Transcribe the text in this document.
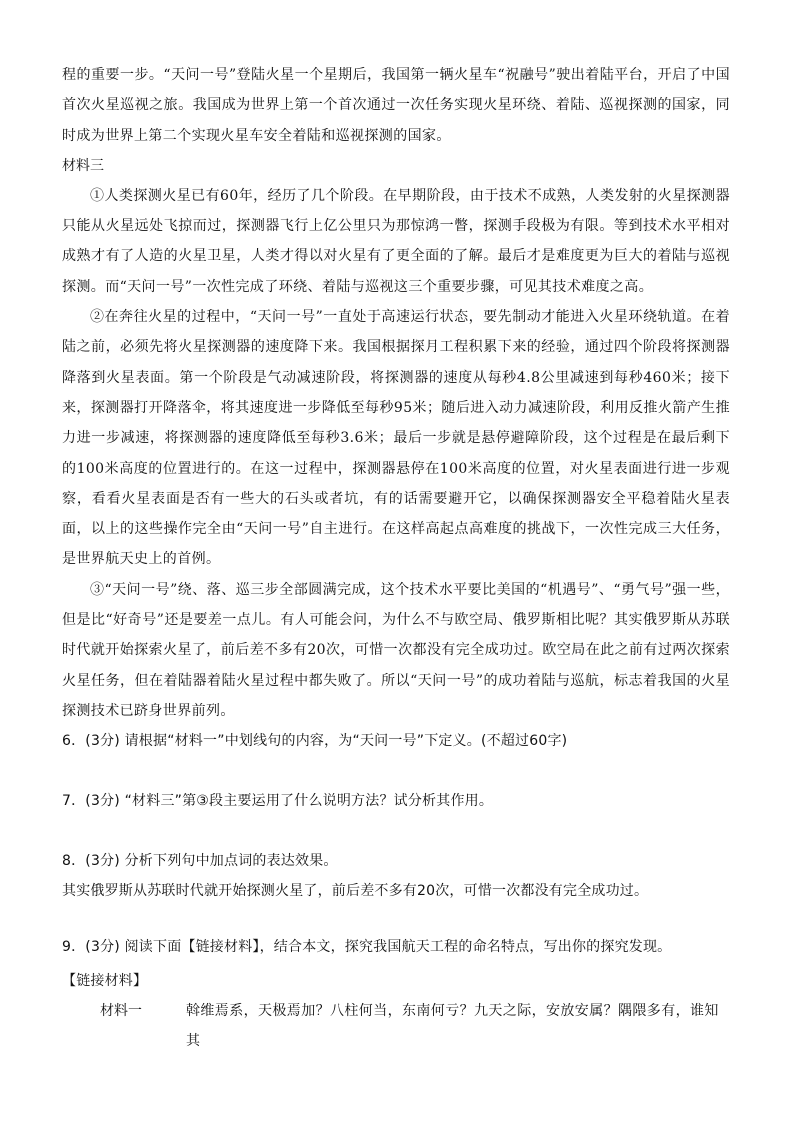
程的重要一步。“天问一号”登陆火星一个星期后，我国第一辆火星车“祝融号”驶出着陆平台，开启了中国首次火星巡视之旅。我国成为世界上第一个首次通过一次任务实现火星环绕、着陆、巡视探测的国家，同时成为世界上第二个实现火星车安全着陆和巡视探测的国家。

材料三

①人类探测火星已有60年，经历了几个阶段。在早期阶段，由于技术不成熟，人类发射的火星探测器只能从火星远处飞掠而过，探测器飞行上亿公里只为那惊鸿一瞥，探测手段极为有限。等到技术水平相对成熟才有了人造的火星卫星，人类才得以对火星有了更全面的了解。最后才是难度更为巨大的着陆与巡视探测。而“天问一号”一次性完成了环绕、着陆与巡视这三个重要步骤，可见其技术难度之高。

②在奔往火星的过程中，“天问一号”一直处于高速运行状态，要先制动才能进入火星环绕轨道。在着陆之前，必须先将火星探测器的速度降下来。我国根据探月工程积累下来的经验，通过四个阶段将探测器降落到火星表面。第一个阶段是气动减速阶段，将探测器的速度从每秒4.8公里减速到每秒460米；接下来，探测器打开降落伞，将其速度进一步降低至每秒95米；随后进入动力减速阶段，利用反推火箭产生推力进一步减速，将探测器的速度降低至每秒3.6米；最后一步就是悬停避障阶段，这个过程是在最后剩下的100米高度的位置进行的。在这一过程中，探测器悬停在100米高度的位置，对火星表面进行进一步观察，看看火星表面是否有一些大的石头或者坑，有的话需要避开它，以确保探测器安全平稳着陆火星表面，以上的这些操作完全由“天问一号”自主进行。在这样高起点高难度的挑战下，一次性完成三大任务，是世界航天史上的首例。

③“天问一号”绕、落、巡三步全部圆满完成，这个技术水平要比美国的“机遇号”、“勇气号”强一些，但是比“好奇号”还是要差一点儿。有人可能会问，为什么不与欧空局、俄罗斯相比呢？其实俄罗斯从苏联时代就开始探索火星了，前后差不多有20次，可惜一次都没有完全成功过。欧空局在此之前有过两次探索火星任务，但在着陆器着陆火星过程中都失败了。所以“天问一号”的成功着陆与巡航，标志着我国的火星探测技术已跻身世界前列。

6．(3分) 请根据“材料一”中划线句的内容，为“天问一号”下定义。(不超过60字)

7．(3分) “材料三”第③段主要运用了什么说明方法？试分析其作用。

8．(3分) 分析下列句中加点词的表达效果。

其实俄罗斯从苏联时代就开始探测火星了，前后差不多有20次，可惜一次都没有完全成功过。

9．(3分) 阅读下面【链接材料】，结合本文，探究我国航天工程的命名特点，写出你的探究发现。

【链接材料】

材料一	斡维焉系，天极焉加？八柱何当，东南何亏？九天之际，安放安属？隅隈多有，谁知其
